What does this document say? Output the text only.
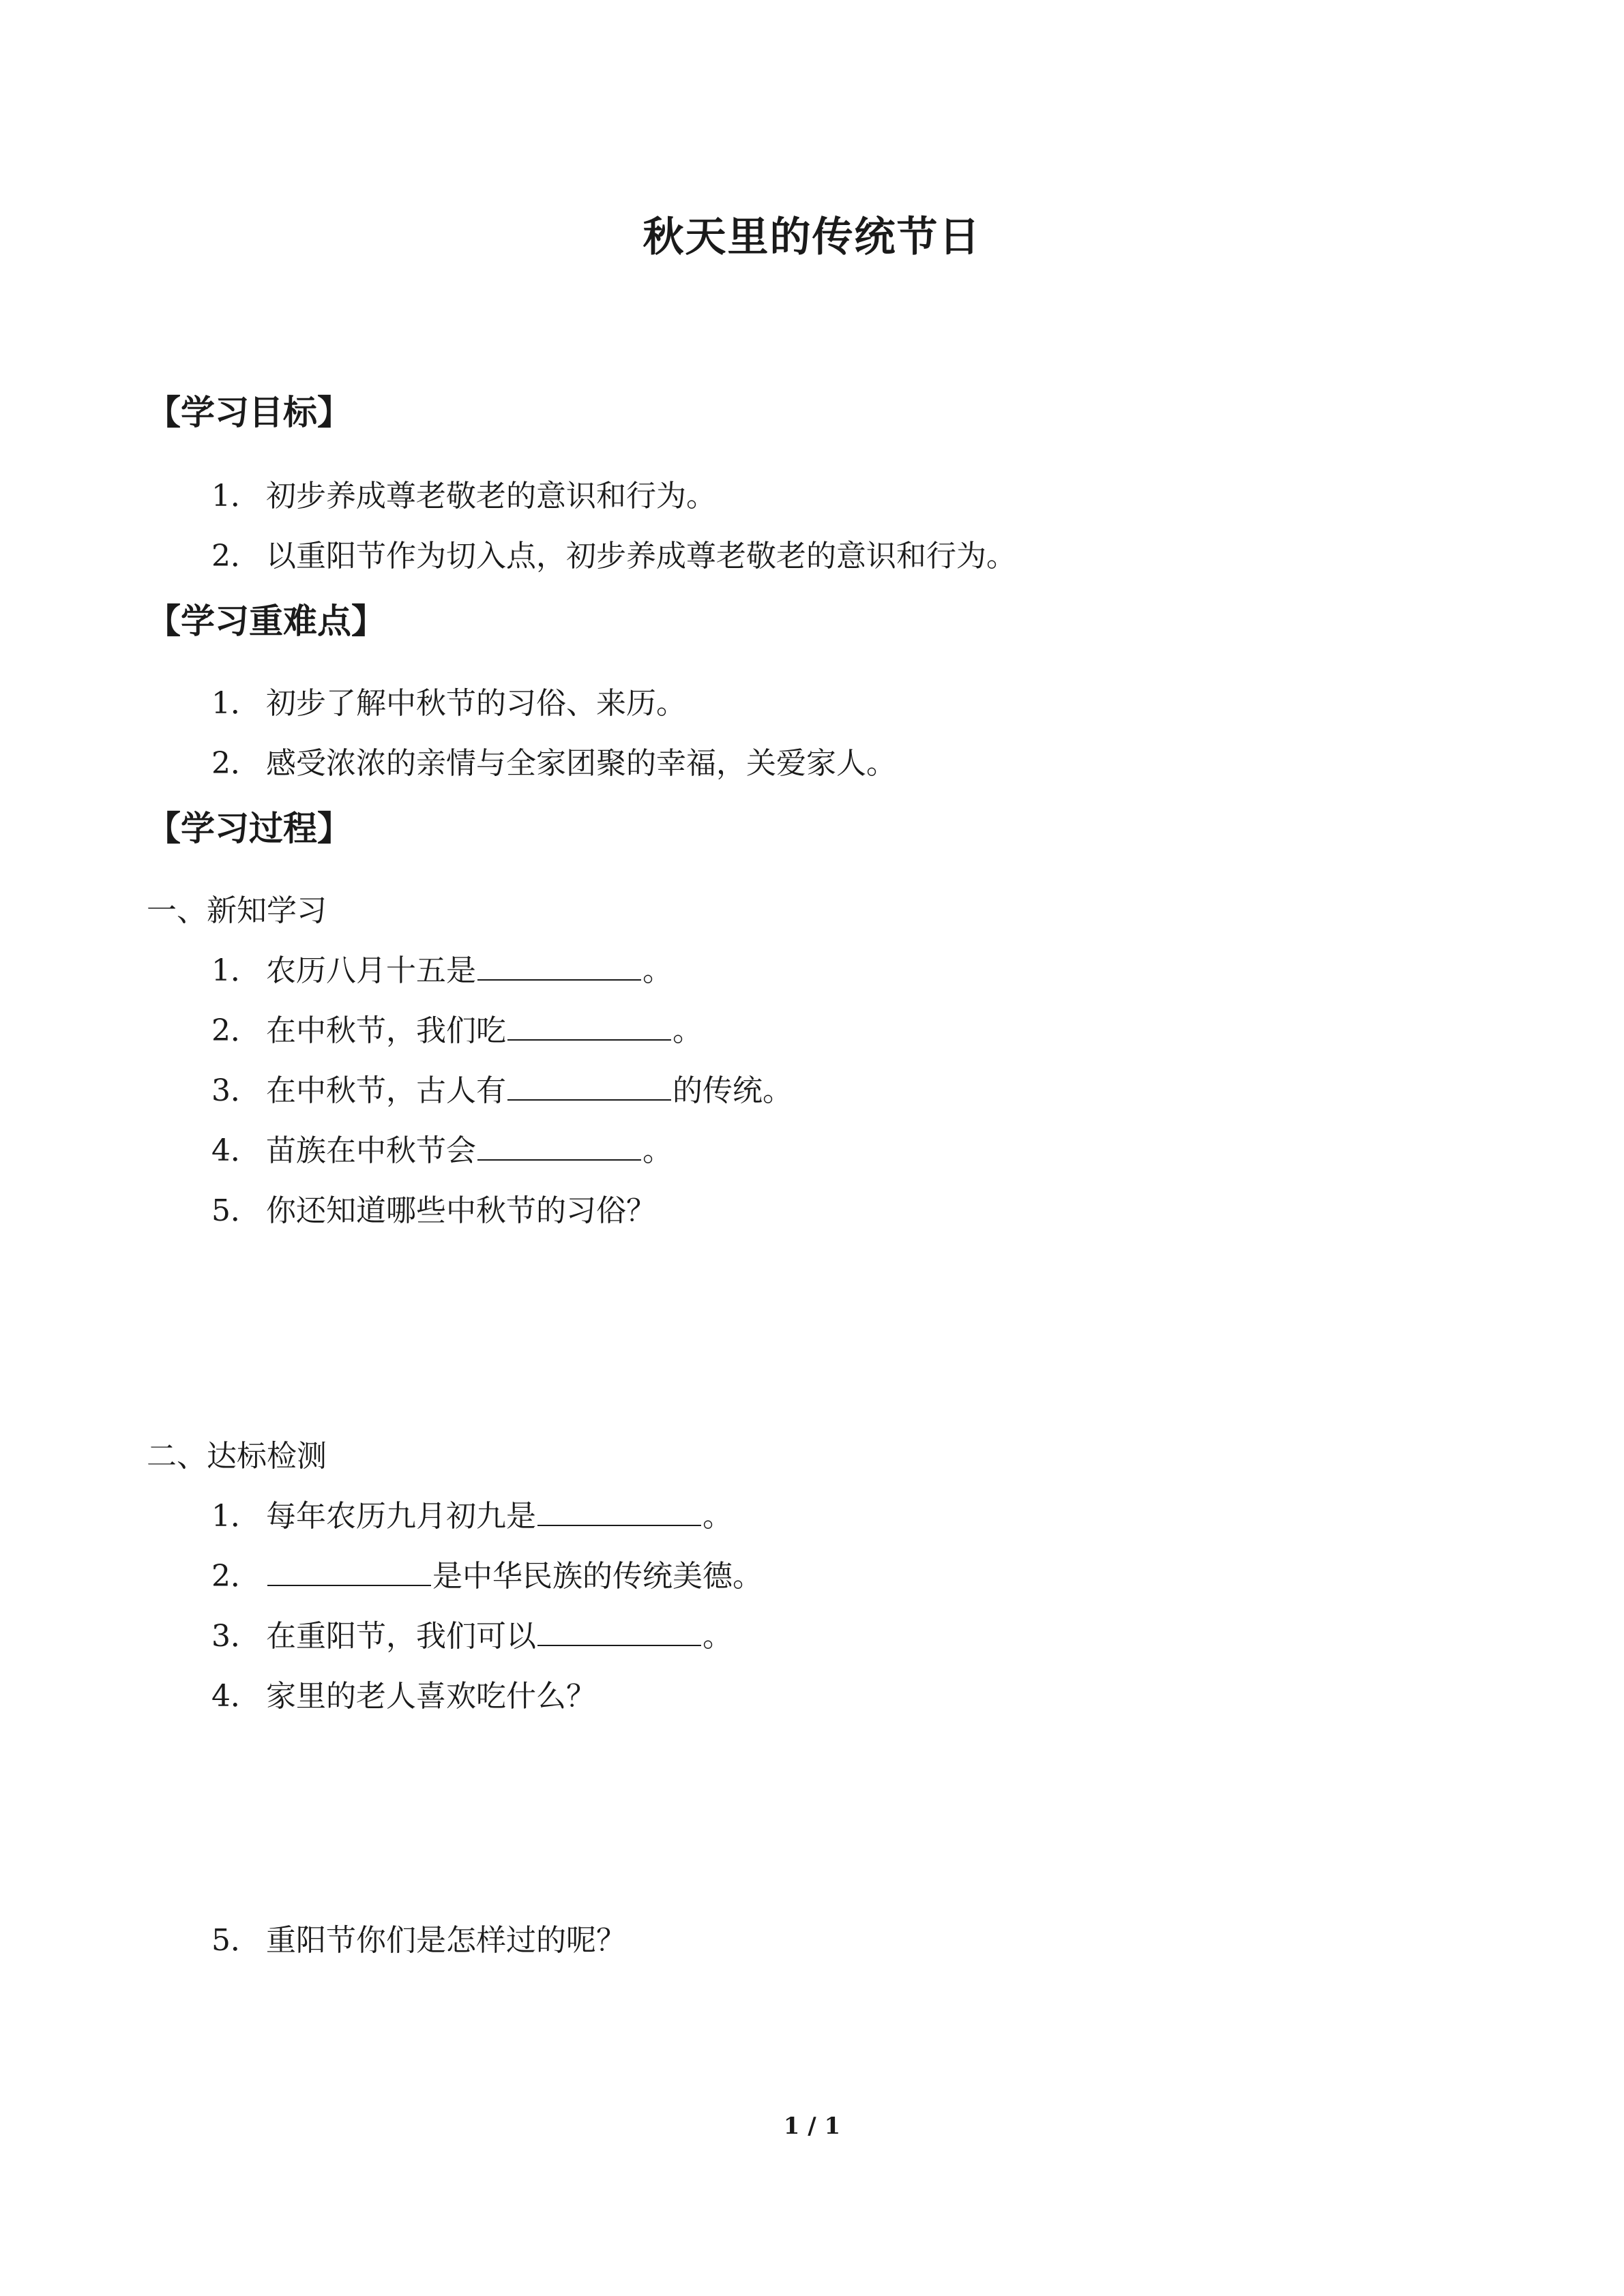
秋天里的传统节日
【学习目标】
1． 初步养成尊老敬老的意识和行为。
2． 以重阳节作为切入点，初步养成尊老敬老的意识和行为。
【学习重难点】
1． 初步了解中秋节的习俗、来历。
2． 感受浓浓的亲情与全家团聚的幸福，关爱家人。
【学习过程】
一、新知学习
1． 农历八月十五是	。
2． 在中秋节，我们吃	。
3． 在中秋节，古人有	的传统。
4． 苗族在中秋节会	。
5． 你还知道哪些中秋节的习俗？
二、达标检测
1． 每年农历九月初九是	。
2．	是中华民族的传统美德。
3． 在重阳节，我们可以	。
4． 家里的老人喜欢吃什么？
5． 重阳节你们是怎样过的呢？
1 / 1
